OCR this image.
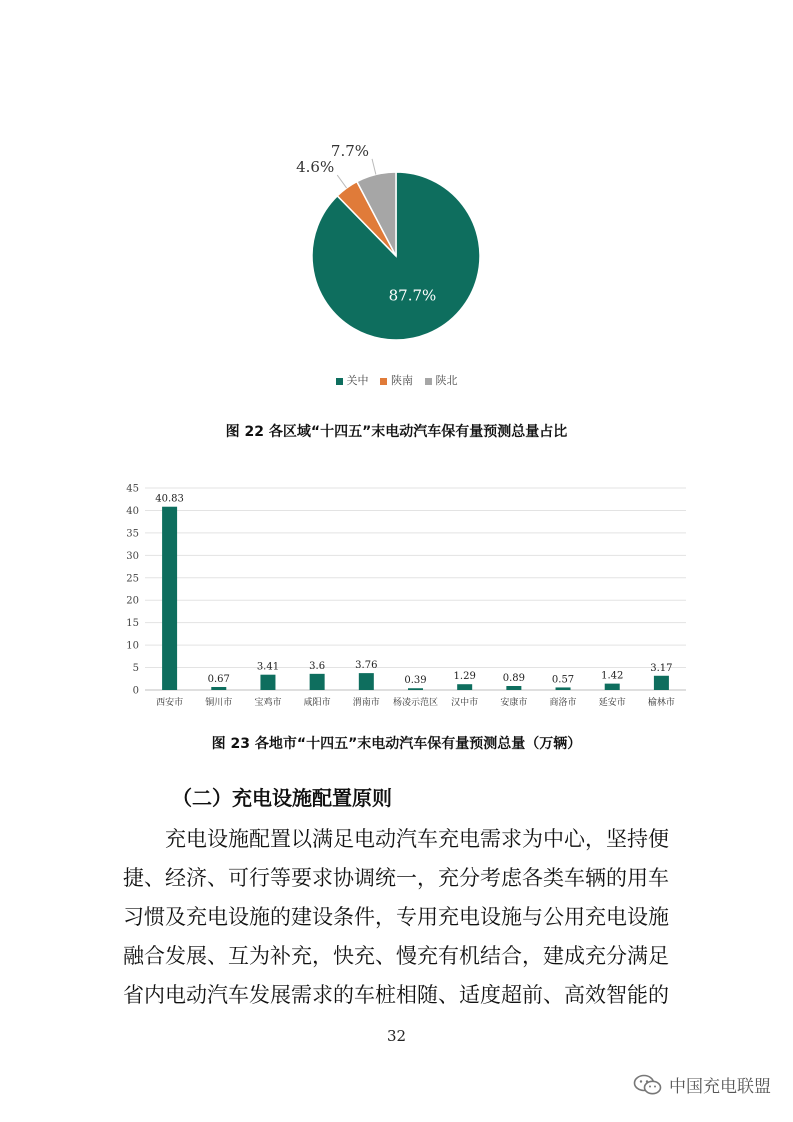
87.7%
4.6%
7.7%
关中 陕南 陕北
图 22 各区域“十四五”末电动汽车保有量预测总量占比
0
5
10
15
20
25
30
35
40
45
40.83
0.67
3.41	3.6	3.76
0.39	1.29	0.89	0.57	1.42
3.17
西安市 铜川市 宝鸡市 咸阳市 渭南市 杨凌示范区 汉中市 安康市 商洛市 延安市 榆林市
图 23 各地市“十四五”末电动汽车保有量预测总量（万辆）
（二）充电设施配置原则
充电设施配置以满足电动汽车充电需求为中心，坚持便
捷、经济、可行等要求协调统一，充分考虑各类车辆的用车
习惯及充电设施的建设条件，专用充电设施与公用充电设施
融合发展、互为补充，快充、慢充有机结合，建成充分满足
省内电动汽车发展需求的车桩相随、适度超前、高效智能的
32
中国充电联盟
